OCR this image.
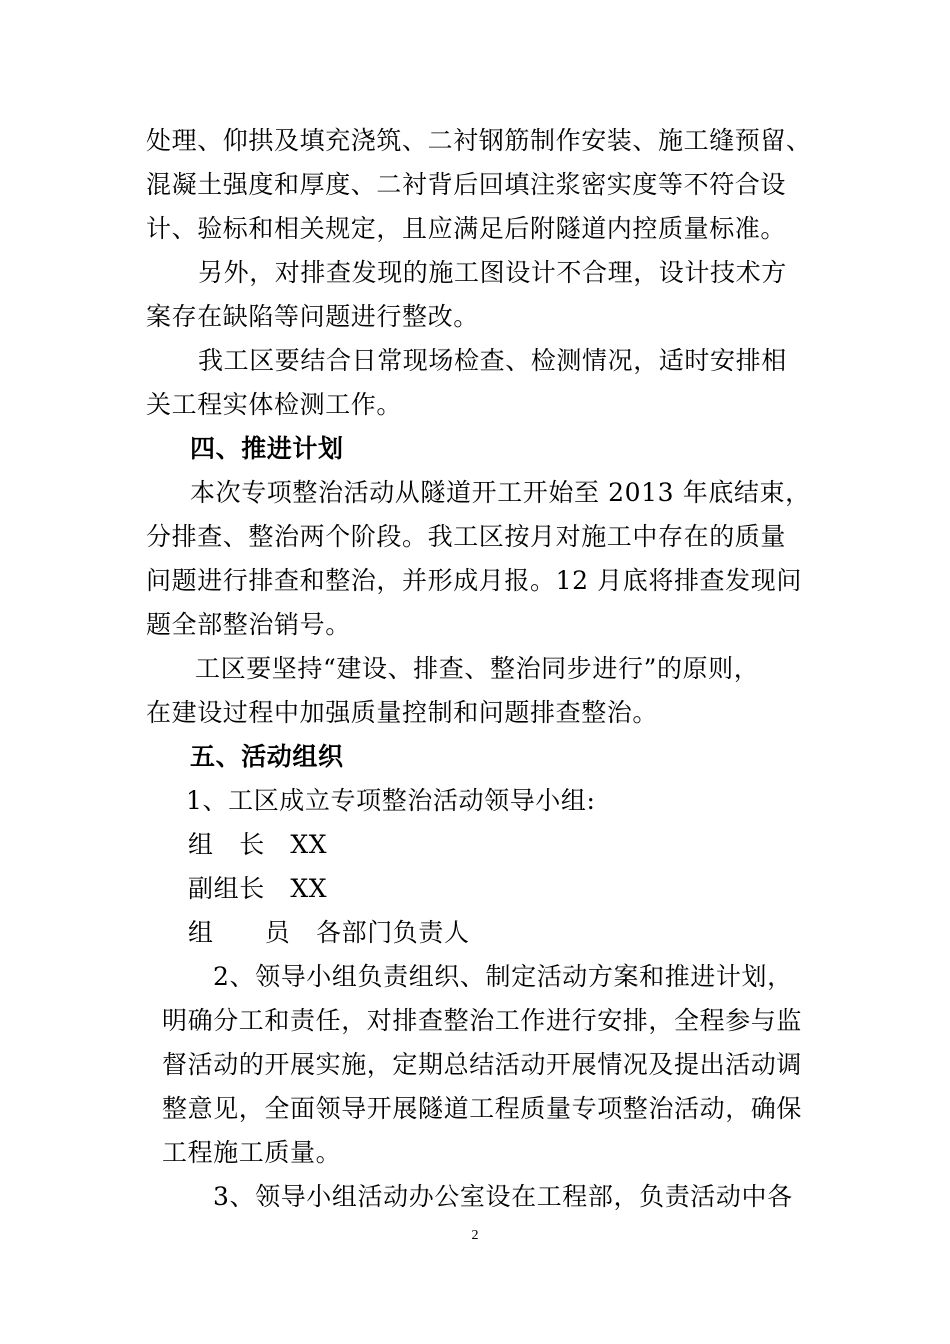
处理、仰拱及填充浇筑、二衬钢筋制作安装、施工缝预留、
混凝土强度和厚度、二衬背后回填注浆密实度等不符合设
计、验标和相关规定，且应满足后附隧道内控质量标准。
另外，对排查发现的施工图设计不合理，设计技术方
案存在缺陷等问题进行整改。
我工区要结合日常现场检查、检测情况，适时安排相
关工程实体检测工作。
四、推进计划
本次专项整治活动从隧道开工开始至 2013 年底结束，
分排查、整治两个阶段。我工区按月对施工中存在的质量
问题进行排查和整治，并形成月报。12 月底将排查发现问
题全部整治销号。
工区要坚持“建设、排查、整治同步进行”的原则，
在建设过程中加强质量控制和问题排查整治。
五、活动组织
1、工区成立专项整治活动领导小组:
组　长　XX
副组长　XX
组　　员　各部门负责人
2、领导小组负责组织、制定活动方案和推进计划，
明确分工和责任，对排查整治工作进行安排，全程参与监
督活动的开展实施，定期总结活动开展情况及提出活动调
整意见，全面领导开展隧道工程质量专项整治活动，确保
工程施工质量。
3、领导小组活动办公室设在工程部，负责活动中各
2
